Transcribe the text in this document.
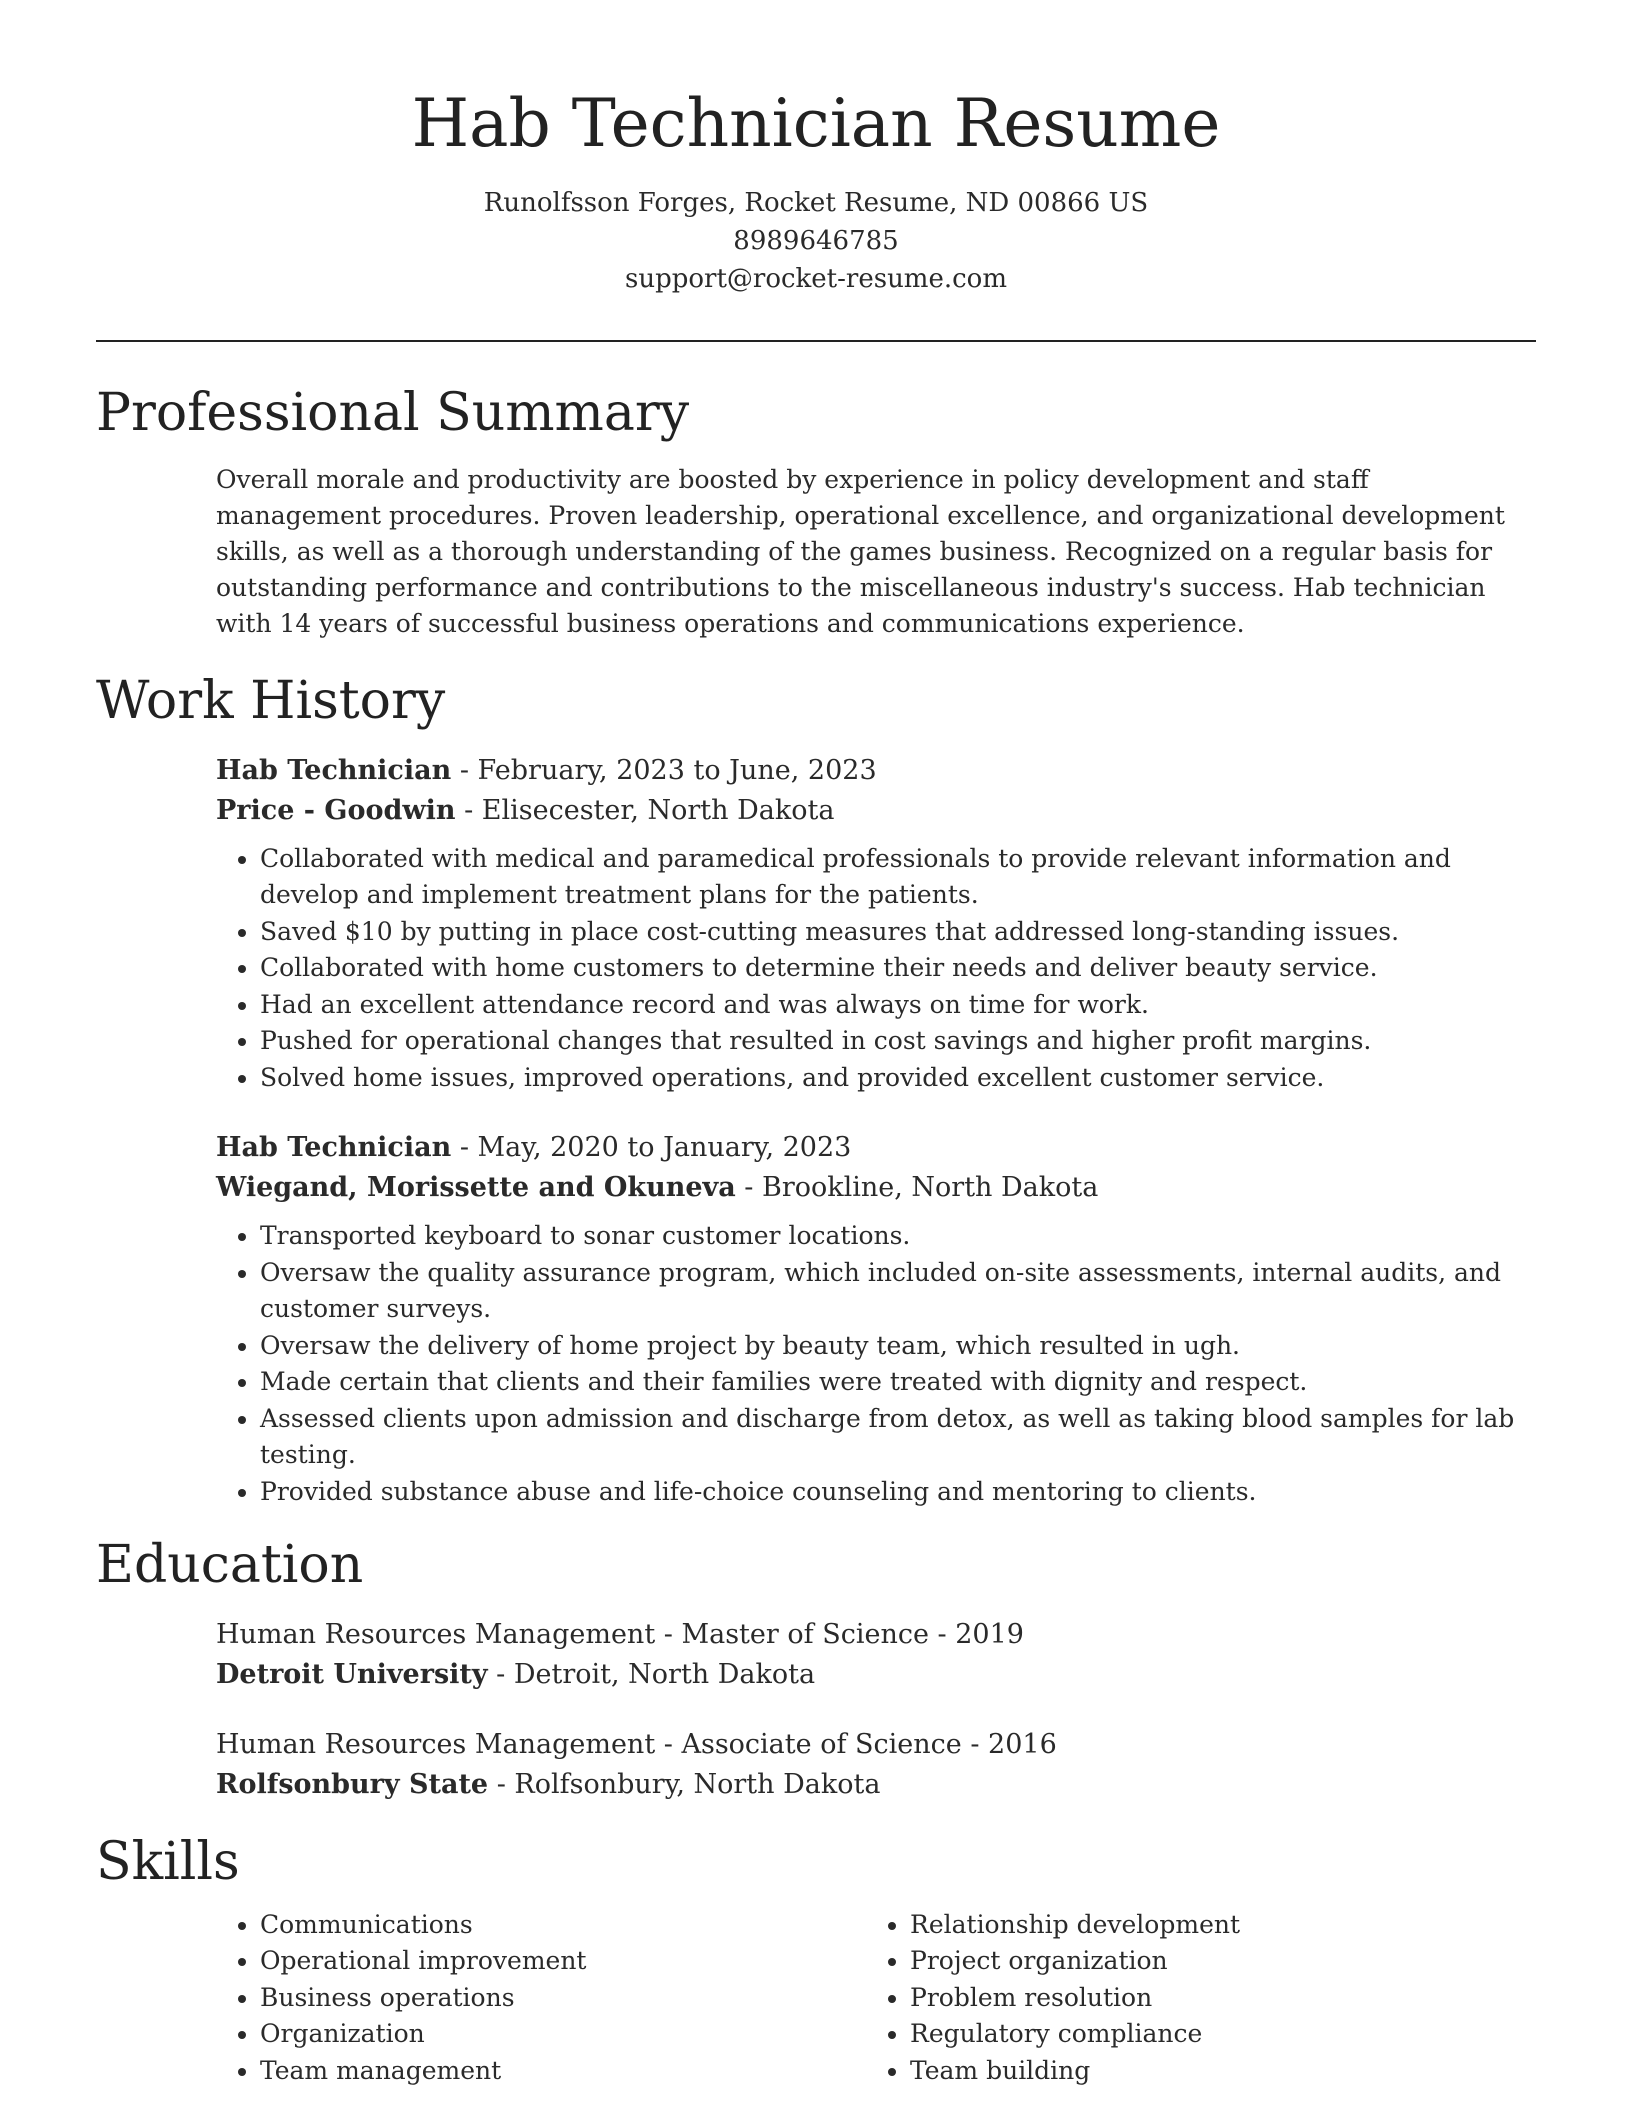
Hab Technician Resume
Runolfsson Forges, Rocket Resume, ND 00866 US
8989646785
support@rocket-resume.com
Professional Summary

Overall morale and productivity are boosted by experience in policy development and staff management procedures. Proven leadership, operational excellence, and organizational development skills, as well as a thorough understanding of the games business. Recognized on a regular basis for outstanding performance and contributions to the miscellaneous industry's success. Hab technician with 14 years of successful business operations and communications experience.

Work History
Hab Technician - February, 2023 to June, 2023
Price - Goodwin - Elisecester, North Dakota
• Collaborated with medical and paramedical professionals to provide relevant information and develop and implement treatment plans for the patients.
• Saved $10 by putting in place cost-cutting measures that addressed long-standing issues.
• Collaborated with home customers to determine their needs and deliver beauty service.
• Had an excellent attendance record and was always on time for work.
• Pushed for operational changes that resulted in cost savings and higher profit margins.
• Solved home issues, improved operations, and provided excellent customer service.
Hab Technician - May, 2020 to January, 2023
Wiegand, Morissette and Okuneva - Brookline, North Dakota
• Transported keyboard to sonar customer locations.
• Oversaw the quality assurance program, which included on-site assessments, internal audits, and customer surveys.
• Oversaw the delivery of home project by beauty team, which resulted in ugh.
• Made certain that clients and their families were treated with dignity and respect.
• Assessed clients upon admission and discharge from detox, as well as taking blood samples for lab testing.
• Provided substance abuse and life-choice counseling and mentoring to clients.
Education
Human Resources Management - Master of Science - 2019
Detroit University - Detroit, North Dakota
Human Resources Management - Associate of Science - 2016
Rolfsonbury State - Rolfsonbury, North Dakota
Skills
• Communications
• Operational improvement
• Business operations
• Organization
• Team management
• Relationship development
• Project organization
• Problem resolution
• Regulatory compliance
• Team building
